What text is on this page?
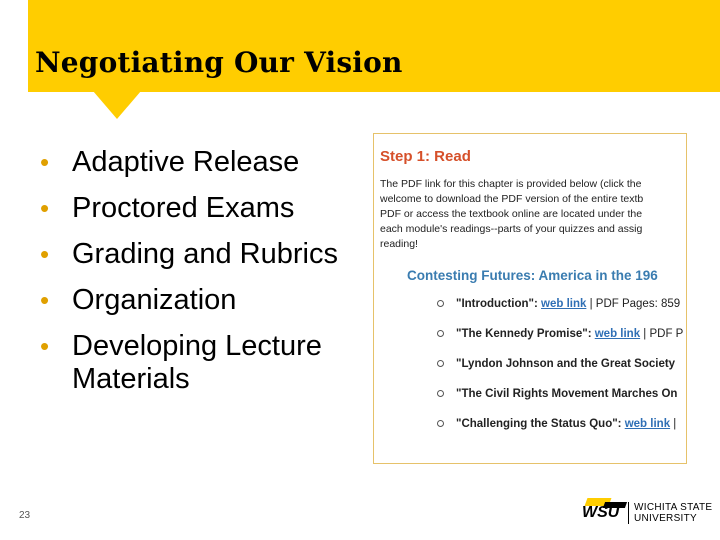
Negotiating Our Vision
• Adaptive Release
• Proctored Exams
• Grading and Rubrics
• Organization
• Developing Lecture Materials
Step 1: Read
The PDF link for this chapter is provided below (click the
welcome to download the PDF version of the entire textb
PDF or access the textbook online are located under the
each module's readings--parts of your quizzes and assig
reading!
Contesting Futures: America in the 196
"Introduction": web link | PDF Pages: 859
"The Kennedy Promise": web link | PDF P
"Lyndon Johnson and the Great Society
"The Civil Rights Movement Marches On
"Challenging the Status Quo": web link |
23	WSU WICHITA STATE
UNIVERSITY
